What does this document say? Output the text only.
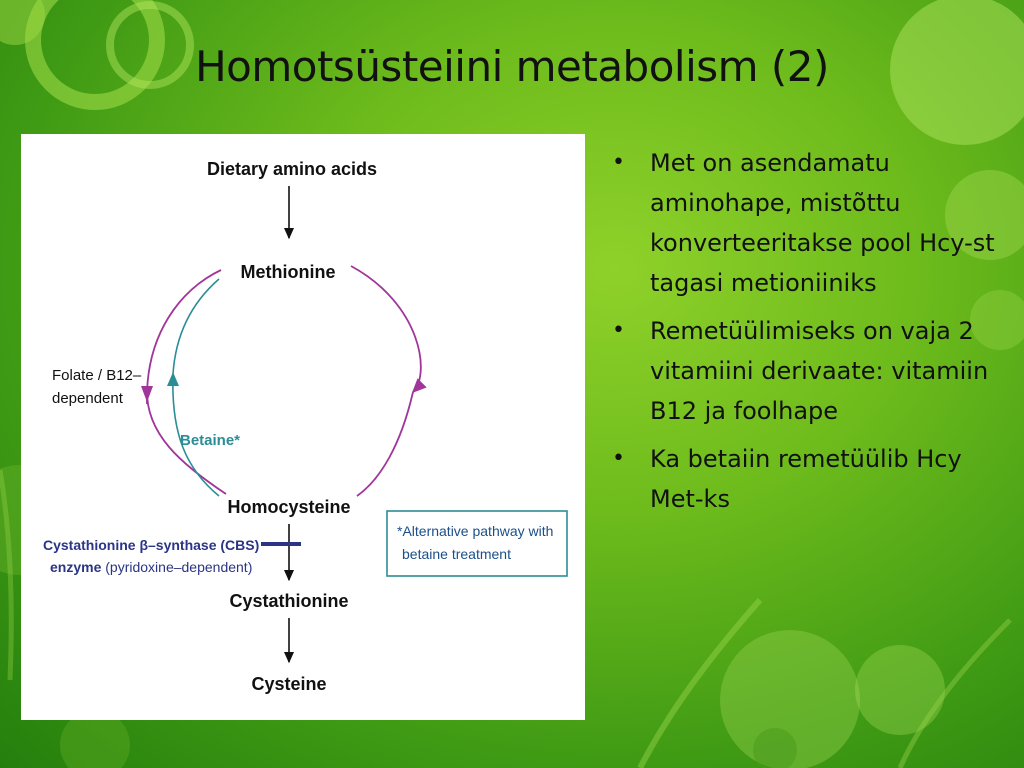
Homotsüsteiini metabolism (2)
Dietary amino acids
Methionine
Homocysteine
Cystathionine
Cysteine
Folate / B12–
dependent
Betaine*
Cystathionine β–synthase (CBS)
enzyme (pyridoxine–dependent)
*Alternative pathway with
betaine treatment
• Met on asendamatu aminohape, mistõttu konverteeritakse pool Hcy-st tagasi metioniiniks
• Remetüülimiseks on vaja 2 vitamiini derivaate: vitamiin B12 ja foolhape
• Ka betaiin remetüülib Hcy Met-ks
